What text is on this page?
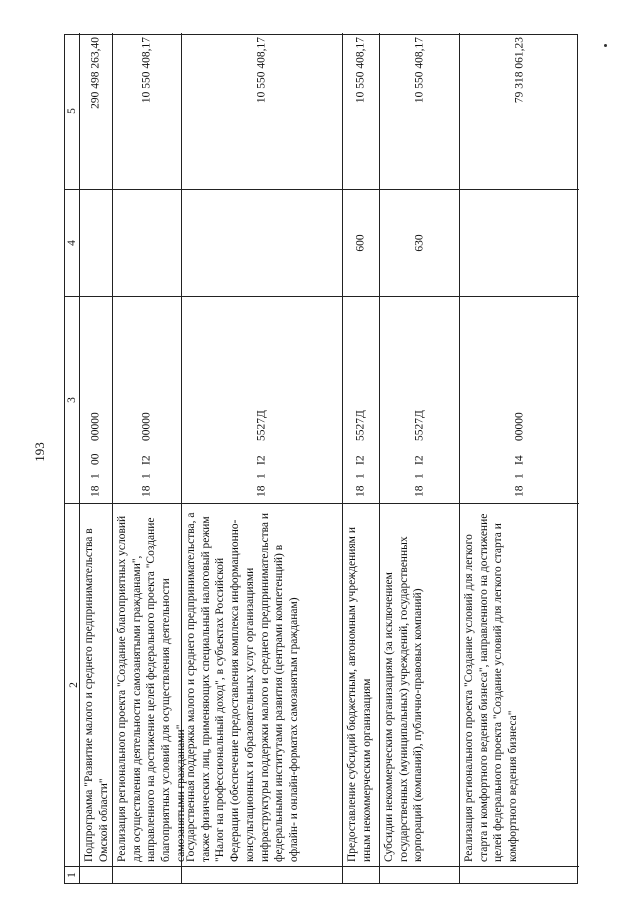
193
1
2
3
4
5
Подпрограмма "Развитие малого и среднего предпринимательства в Омской области"
1810000000
290 498 263,40
Реализация регионального проекта "Создание благоприятных условий для осуществления деятельности самозанятыми гражданами", направленного на достижение целей федерального проекта "Создание благоприятных условий для осуществления деятельности самозанятыми гражданами"
181I200000
10 550 408,17
Государственная поддержка малого и среднего предпринимательства, а также физических лиц, применяющих специальный налоговый режим "Налог на профессиональный доход", в субъектах Российской Федерации (обеспечение предоставления комплекса информационно-консультационных и образовательных услуг организациями инфраструктуры поддержки малого и среднего предпринимательства и федеральными институтами развития (центрами компетенций) в офлайн- и онлайн-форматах самозанятым гражданам)
181I25527Д
10 550 408,17
Предоставление субсидий бюджетным, автономным учреждениям и иным некоммерческим организациям
181I25527Д
600
10 550 408,17
Субсидии некоммерческим организациям (за исключением государственных (муниципальных) учреждений, государственных корпораций (компаний), публично-правовых компаний)
181I25527Д
630
10 550 408,17
Реализация регионального проекта "Создание условий для легкого старта и комфортного ведения бизнеса", направленного на достижение целей федерального проекта "Создание условий для легкого старта и комфортного ведения бизнеса"
181I400000
79 318 061,23
